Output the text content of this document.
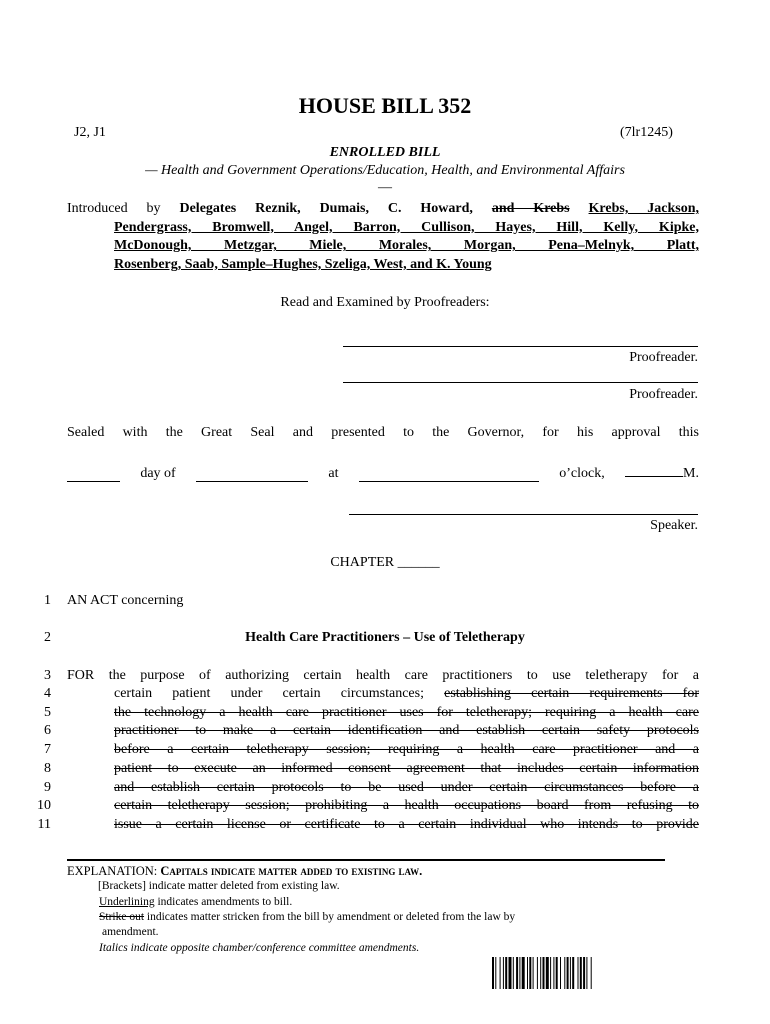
HOUSE BILL 352
J2, J1	(7lr1245)
ENROLLED BILL
— Health and Government Operations/Education, Health, and Environmental Affairs
—
Introduced by Delegates Reznik, Dumais, C. Howard, and Krebs Krebs, Jackson,
Pendergrass, Bromwell, Angel, Barron, Cullison, Hayes, Hill, Kelly, Kipke,
McDonough, Metzgar, Miele, Morales, Morgan, Pena–Melnyk, Platt,
Rosenberg, Saab, Sample–Hughes, Szeliga, West, and K. Young
Read and Examined by Proofreaders:
Proofreader.
Proofreader.
Sealed with the Great Seal and presented to the Governor, for his approval this
day of	at	o’clock,	M.
Speaker.
CHAPTER ______
1 AN ACT concerning
2	Health Care Practitioners – Use of Teletherapy
3 FOR the purpose of authorizing certain health care practitioners to use teletherapy for a
4	certain patient under certain circumstances; establishing certain requirements for
5	the technology a health care practitioner uses for teletherapy; requiring a health care
6	practitioner to make a certain identification and establish certain safety protocols
7	before a certain teletherapy session; requiring a health care practitioner and a
8	patient to execute an informed consent agreement that includes certain information
9	and establish certain protocols to be used under certain circumstances before a
10	certain teletherapy session; prohibiting a health occupations board from refusing to
11	issue a certain license or certificate to a certain individual who intends to provide
EXPLANATION: Capitals indicate matter added to existing law.
[Brackets] indicate matter deleted from existing law.
Underlining indicates amendments to bill.
Strike out indicates matter stricken from the bill by amendment or deleted from the law by
amendment.
Italics indicate opposite chamber/conference committee amendments.
